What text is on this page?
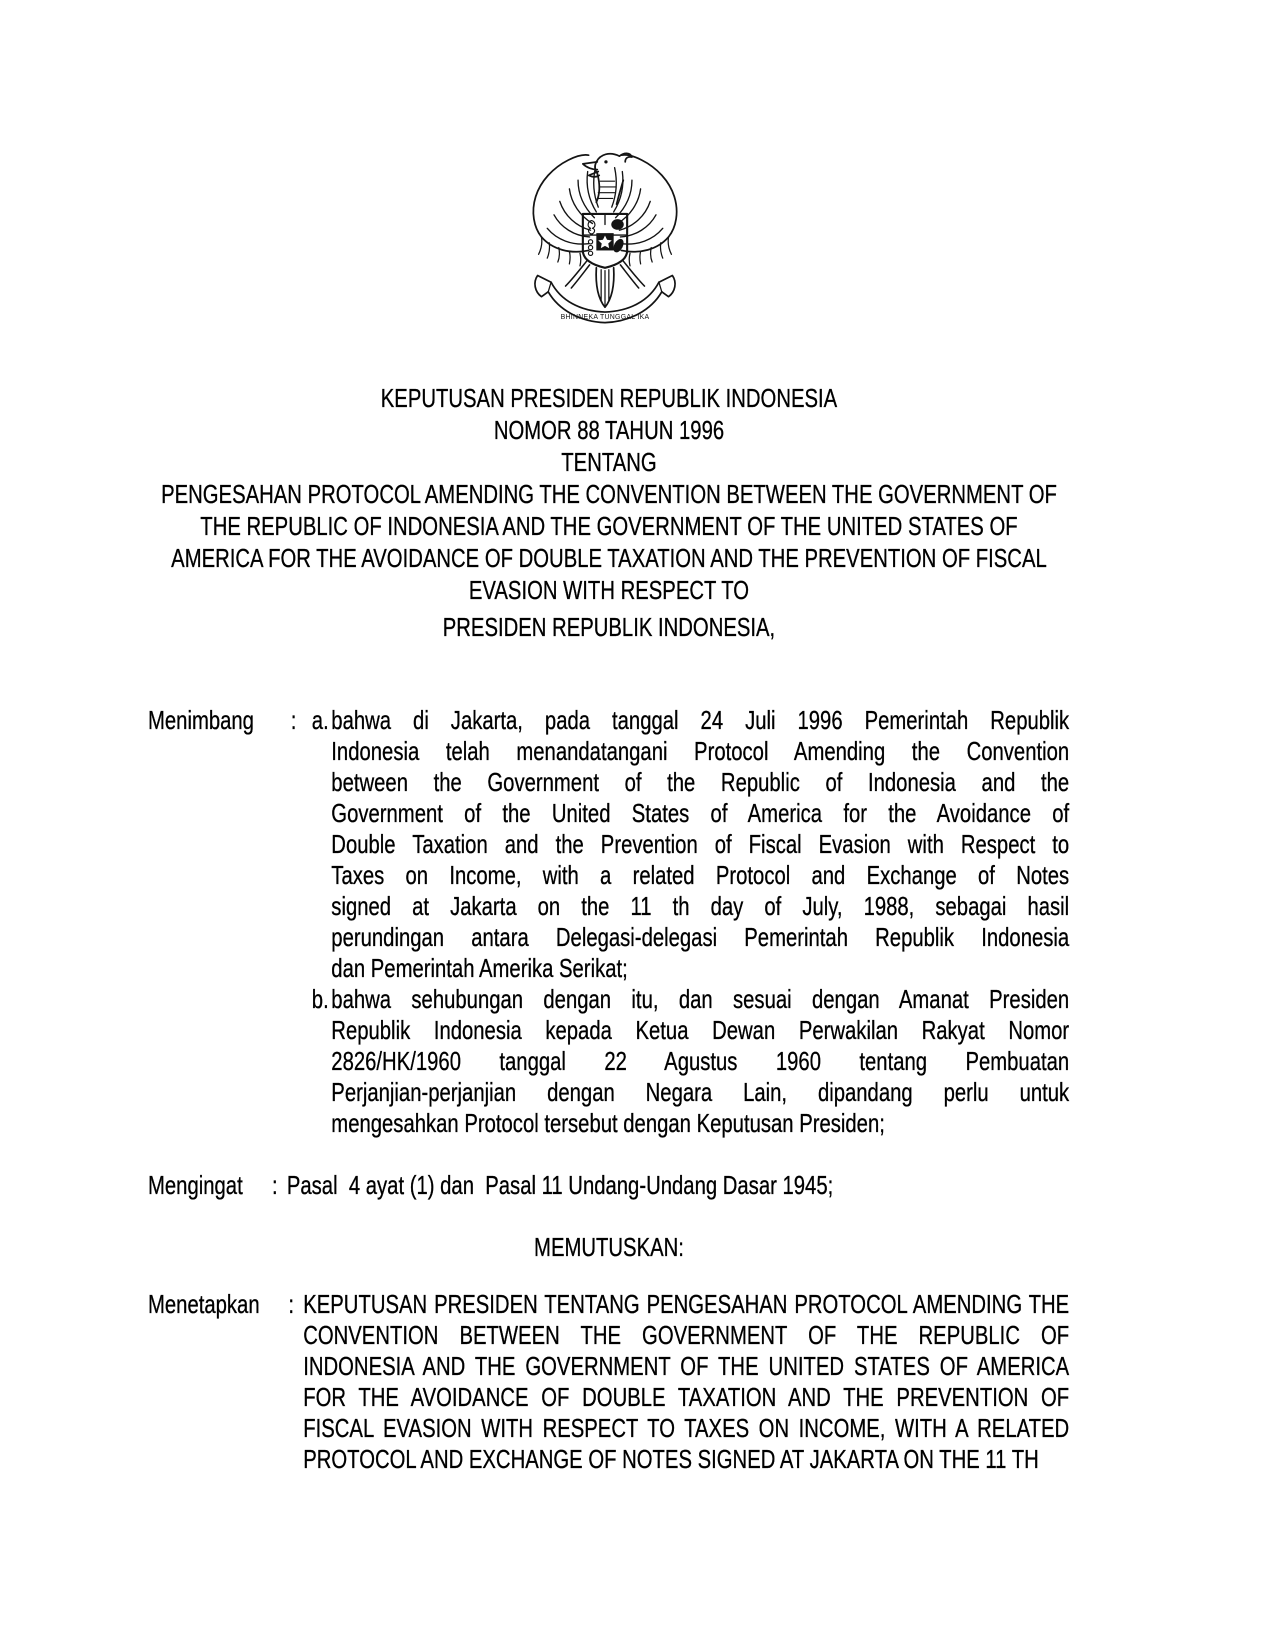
BHINNEKA TUNGGAL IKA
KEPUTUSAN PRESIDEN REPUBLIK INDONESIA
NOMOR 88 TAHUN 1996
TENTANG
PENGESAHAN PROTOCOL AMENDING THE CONVENTION BETWEEN THE GOVERNMENT OF
THE REPUBLIC OF INDONESIA AND THE GOVERNMENT OF THE UNITED STATES OF
AMERICA FOR THE AVOIDANCE OF DOUBLE TAXATION AND THE PREVENTION OF FISCAL
EVASION WITH RESPECT TO
PRESIDEN REPUBLIK INDONESIA,
Menimbang	: a. bahwa di Jakarta, pada tanggal 24 Juli 1996 Pemerintah Republik
Indonesia telah menandatangani Protocol Amending the Convention
between the Government of the Republic of Indonesia and the
Government of the United States of America for the Avoidance of
Double Taxation and the Prevention of Fiscal Evasion with Respect to
Taxes on Income, with a related Protocol and Exchange of Notes
signed at Jakarta on the 11 th day of July, 1988, sebagai hasil
perundingan antara Delegasi-delegasi Pemerintah Republik Indonesia
dan Pemerintah Amerika Serikat;
b. bahwa sehubungan dengan itu, dan sesuai dengan Amanat Presiden
Republik Indonesia kepada Ketua Dewan Perwakilan Rakyat Nomor
2826/HK/1960 tanggal 22 Agustus 1960 tentang Pembuatan
Perjanjian-perjanjian dengan Negara Lain, dipandang perlu untuk
mengesahkan Protocol tersebut dengan Keputusan Presiden;
Mengingat	: Pasal  4 ayat (1) dan  Pasal 11 Undang-Undang Dasar 1945;
MEMUTUSKAN:
Menetapkan	: KEPUTUSAN PRESIDEN TENTANG PENGESAHAN PROTOCOL AMENDING THE
CONVENTION BETWEEN THE GOVERNMENT OF THE REPUBLIC OF
INDONESIA AND THE GOVERNMENT OF THE UNITED STATES OF AMERICA
FOR THE AVOIDANCE OF DOUBLE TAXATION AND THE PREVENTION OF
FISCAL EVASION WITH RESPECT TO TAXES ON INCOME, WITH A RELATED
PROTOCOL AND EXCHANGE OF NOTES SIGNED AT JAKARTA ON THE 11 TH
